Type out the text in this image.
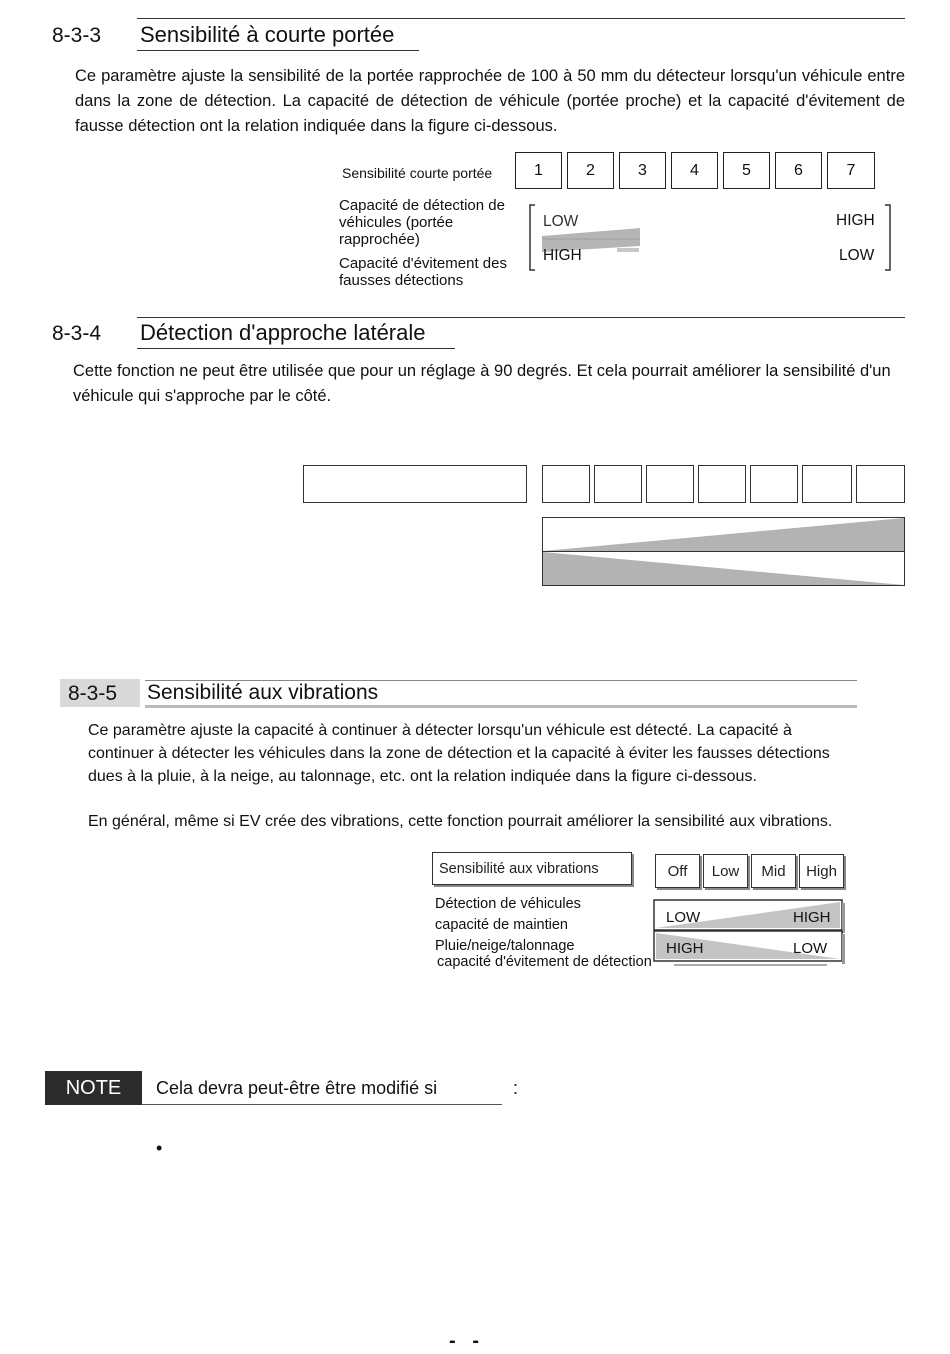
8-3-3 Sensibilité à courte portée
Ce paramètre ajuste la sensibilité de la portée rapprochée de 100 à 50 mm du détecteur lorsqu'un véhicule entre dans la zone de détection. La capacité de détection de véhicule (portée proche) et la capacité d'évitement de fausse détection ont la relation indiquée dans la figure ci-dessous.
Sensibilité courte portée	1	2	3	4	5	6	7
Capacité de détection de véhicules (portée rapprochée)
Capacité d'évitement des fausses détections
LOW	HIGH
HIGH	LOW
8-3-4 Détection d'approche latérale
Cette fonction ne peut être utilisée que pour un réglage à 90 degrés. Et cela pourrait améliorer la sensibilité d'un véhicule qui s'approche par le côté.
8-3-5 Sensibilité aux vibrations
Ce paramètre ajuste la capacité à continuer à détecter lorsqu'un véhicule est détecté. La capacité à continuer à détecter les véhicules dans la zone de détection et la capacité à éviter les fausses détections dues à la pluie, à la neige, au talonnage, etc. ont la relation indiquée dans la figure ci-dessous.
En général, même si EV crée des vibrations, cette fonction pourrait améliorer la sensibilité aux vibrations.
Sensibilité aux vibrations	Off	Low	Mid	High
Détection de véhicules
capacité de maintien
Pluie/neige/talonnage
capacité d'évitement de détection
LOW	HIGH
HIGH	LOW
NOTE	Cela devra peut-être être modifié si	:
•
-   -
